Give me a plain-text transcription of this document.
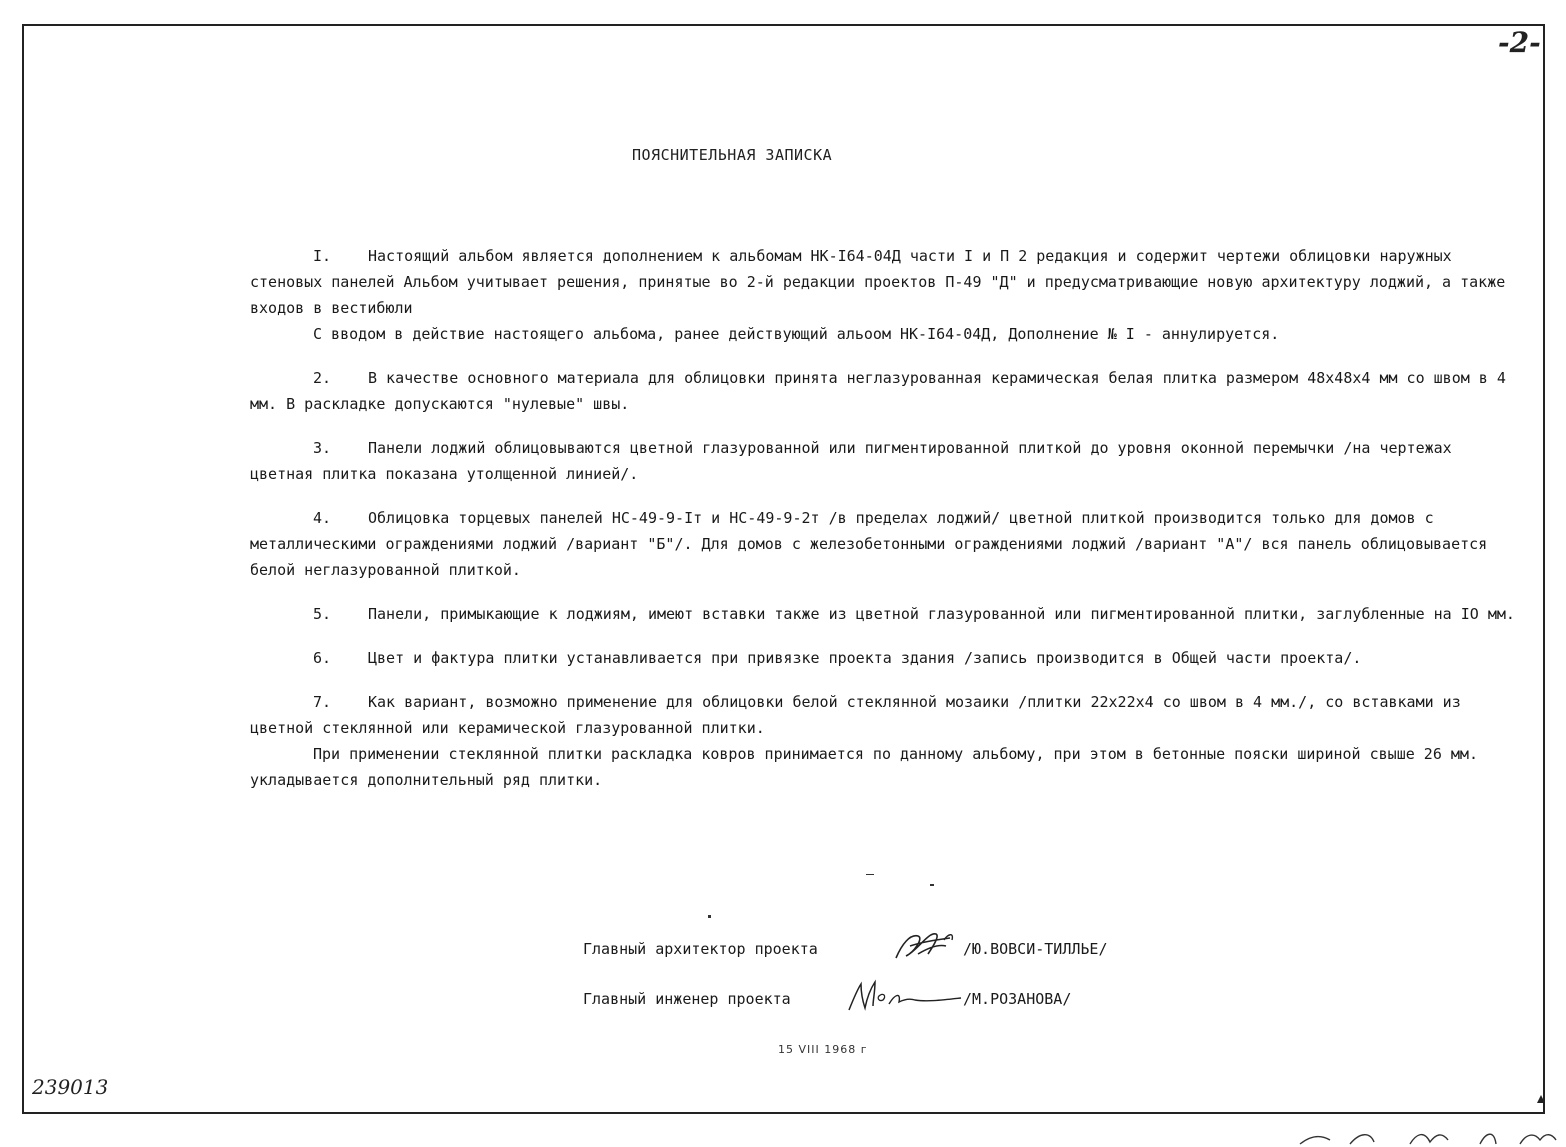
-2-
ПОЯСНИТЕЛЬНАЯ ЗАПИСКА

I. Настоящий альбом является дополнением к альбомам НК-I64-04Д части I и П 2 редакция и содержит чертежи облицовки наружных стеновых панелей Альбом учитывает решения, принятые во 2-й редакции проектов П-49 "Д" и предусматривающие новую архитектуру лоджий, а также входов в вестибюли

С вводом в действие настоящего альбома, ранее действующий альоом НК-I64-04Д, Дополнение № I - аннулируется.

2. В качестве основного материала для облицовки принята неглазурованная керамическая белая плитка размером 48х48х4 мм со швом в 4 мм. В раскладке допускаются "нулевые" швы.

3. Панели лоджий облицовываются цветной глазурованной или пигментированной плиткой до уровня оконной перемычки /на чертежах цветная плитка показана утолщенной линией/.

4. Облицовка торцевых панелей НС-49-9-Iт и НС-49-9-2т /в пределах лоджий/ цветной плиткой производится только для домов с металлическими ограждениями лоджий /вариант "Б"/. Для домов с железобетонными ограждениями лоджий /вариант "А"/ вся панель облицовывается белой неглазурованной плиткой.

5. Панели, примыкающие к лоджиям, имеют вставки также из цветной глазурованной или пигментированной плитки, заглубленные на IO мм.

6. Цвет и фактура плитки устанавливается при привязке проекта здания /запись производится в Общей части проекта/.

7. Как вариант, возможно применение для облицовки белой стеклянной мозаики /плитки 22х22х4 со швом в 4 мм./, со вставками из цветной стеклянной или керамической глазурованной плитки.

При применении стеклянной плитки раскладка ковров принимается по данному альбому, при этом в бетонные пояски шириной свыше 26 мм. укладывается дополнительный ряд плитки.

Главный архитектор проекта	/Ю.ВОВСИ-ТИЛЛЬЕ/
Главный инженер проекта	/М.РОЗАНОВА/
15 VIII 1968 г
239013
